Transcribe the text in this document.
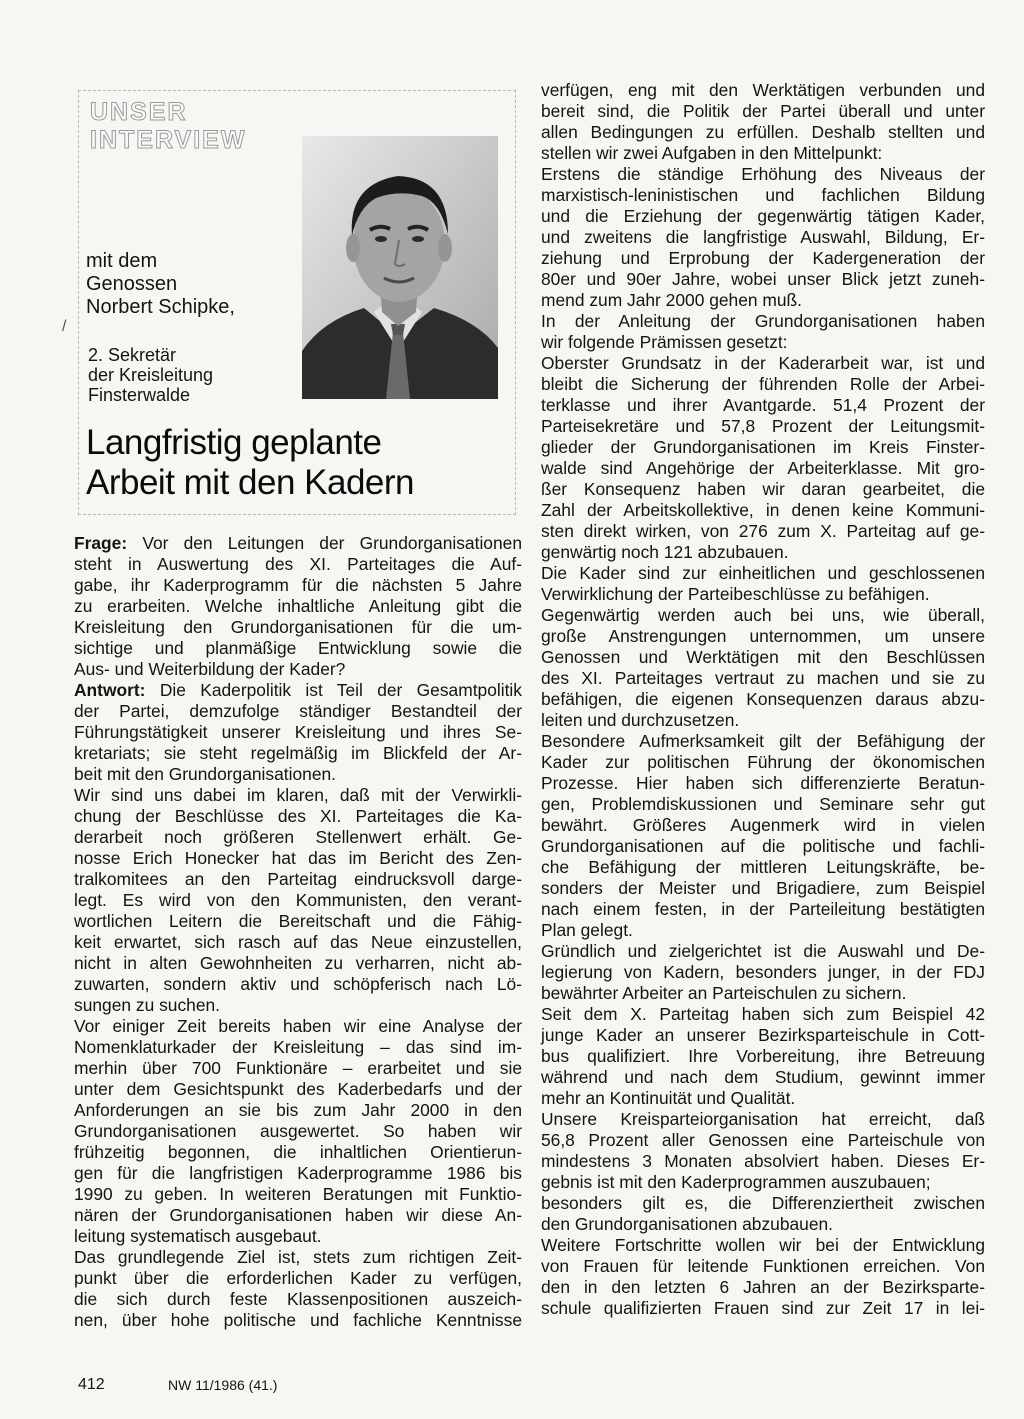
UNSER
INTERVIEW
mit dem
Genossen
Norbert Schipke,
2. Sekretär
der Kreisleitung
Finsterwalde
Langfristig geplante
Arbeit mit den Kadern
/
Frage: Vor den Leitungen der Grundorganisationen
steht in Auswertung des XI. Parteitages die Auf-
gabe, ihr Kaderprogramm für die nächsten 5 Jahre
zu erarbeiten. Welche inhaltliche Anleitung gibt die
Kreisleitung den Grundorganisationen für die um-
sichtige und planmäßige Entwicklung sowie die
Aus- und Weiterbildung der Kader?
Antwort: Die Kaderpolitik ist Teil der Gesamtpolitik
der Partei, demzufolge ständiger Bestandteil der
Führungstätigkeit unserer Kreisleitung und ihres Se-
kretariats; sie steht regelmäßig im Blickfeld der Ar-
beit mit den Grundorganisationen.
Wir sind uns dabei im klaren, daß mit der Verwirkli-
chung der Beschlüsse des XI. Parteitages die Ka-
derarbeit noch größeren Stellenwert erhält. Ge-
nosse Erich Honecker hat das im Bericht des Zen-
tralkomitees an den Parteitag eindrucksvoll darge-
legt. Es wird von den Kommunisten, den verant-
wortlichen Leitern die Bereitschaft und die Fähig-
keit erwartet, sich rasch auf das Neue einzustellen,
nicht in alten Gewohnheiten zu verharren, nicht ab-
zuwarten, sondern aktiv und schöpferisch nach Lö-
sungen zu suchen.
Vor einiger Zeit bereits haben wir eine Analyse der
Nomenklaturkader der Kreisleitung – das sind im-
merhin über 700 Funktionäre – erarbeitet und sie
unter dem Gesichtspunkt des Kaderbedarfs und der
Anforderungen an sie bis zum Jahr 2000 in den
Grundorganisationen ausgewertet. So haben wir
frühzeitig begonnen, die inhaltlichen Orientierun-
gen für die langfristigen Kaderprogramme 1986 bis
1990 zu geben. In weiteren Beratungen mit Funktio-
nären der Grundorganisationen haben wir diese An-
leitung systematisch ausgebaut.
Das grundlegende Ziel ist, stets zum richtigen Zeit-
punkt über die erforderlichen Kader zu verfügen,
die sich durch feste Klassenpositionen auszeich-
nen, über hohe politische und fachliche Kenntnisse
verfügen, eng mit den Werktätigen verbunden und
bereit sind, die Politik der Partei überall und unter
allen Bedingungen zu erfüllen. Deshalb stellten und
stellen wir zwei Aufgaben in den Mittelpunkt:
Erstens die ständige Erhöhung des Niveaus der
marxistisch-leninistischen und fachlichen Bildung
und die Erziehung der gegenwärtig tätigen Kader,
und zweitens die langfristige Auswahl, Bildung, Er-
ziehung und Erprobung der Kadergeneration der
80er und 90er Jahre, wobei unser Blick jetzt zuneh-
mend zum Jahr 2000 gehen muß.
In der Anleitung der Grundorganisationen haben
wir folgende Prämissen gesetzt:
Oberster Grundsatz in der Kaderarbeit war, ist und
bleibt die Sicherung der führenden Rolle der Arbei-
terklasse und ihrer Avantgarde. 51,4 Prozent der
Parteisekretäre und 57,8 Prozent der Leitungsmit-
glieder der Grundorganisationen im Kreis Finster-
walde sind Angehörige der Arbeiterklasse. Mit gro-
ßer Konsequenz haben wir daran gearbeitet, die
Zahl der Arbeitskollektive, in denen keine Kommuni-
sten direkt wirken, von 276 zum X. Parteitag auf ge-
genwärtig noch 121 abzubauen.
Die Kader sind zur einheitlichen und geschlossenen
Verwirklichung der Parteibeschlüsse zu befähigen.
Gegenwärtig werden auch bei uns, wie überall,
große Anstrengungen unternommen, um unsere
Genossen und Werktätigen mit den Beschlüssen
des XI. Parteitages vertraut zu machen und sie zu
befähigen, die eigenen Konsequenzen daraus abzu-
leiten und durchzusetzen.
Besondere Aufmerksamkeit gilt der Befähigung der
Kader zur politischen Führung der ökonomischen
Prozesse. Hier haben sich differenzierte Beratun-
gen, Problemdiskussionen und Seminare sehr gut
bewährt. Größeres Augenmerk wird in vielen
Grundorganisationen auf die politische und fachli-
che Befähigung der mittleren Leitungskräfte, be-
sonders der Meister und Brigadiere, zum Beispiel
nach einem festen, in der Parteileitung bestätigten
Plan gelegt.
Gründlich und zielgerichtet ist die Auswahl und De-
legierung von Kadern, besonders junger, in der FDJ
bewährter Arbeiter an Parteischulen zu sichern.
Seit dem X. Parteitag haben sich zum Beispiel 42
junge Kader an unserer Bezirksparteischule in Cott-
bus qualifiziert. Ihre Vorbereitung, ihre Betreuung
während und nach dem Studium, gewinnt immer
mehr an Kontinuität und Qualität.
Unsere Kreisparteiorganisation hat erreicht, daß
56,8 Prozent aller Genossen eine Parteischule von
mindestens 3 Monaten absolviert haben. Dieses Er-
gebnis ist mit den Kaderprogrammen auszubauen;
besonders gilt es, die Differenziertheit zwischen
den Grundorganisationen abzubauen.
Weitere Fortschritte wollen wir bei der Entwicklung
von Frauen für leitende Funktionen erreichen. Von
den in den letzten 6 Jahren an der Bezirksparte-
schule qualifizierten Frauen sind zur Zeit 17 in lei-
412	NW 11/1986 (41.)
